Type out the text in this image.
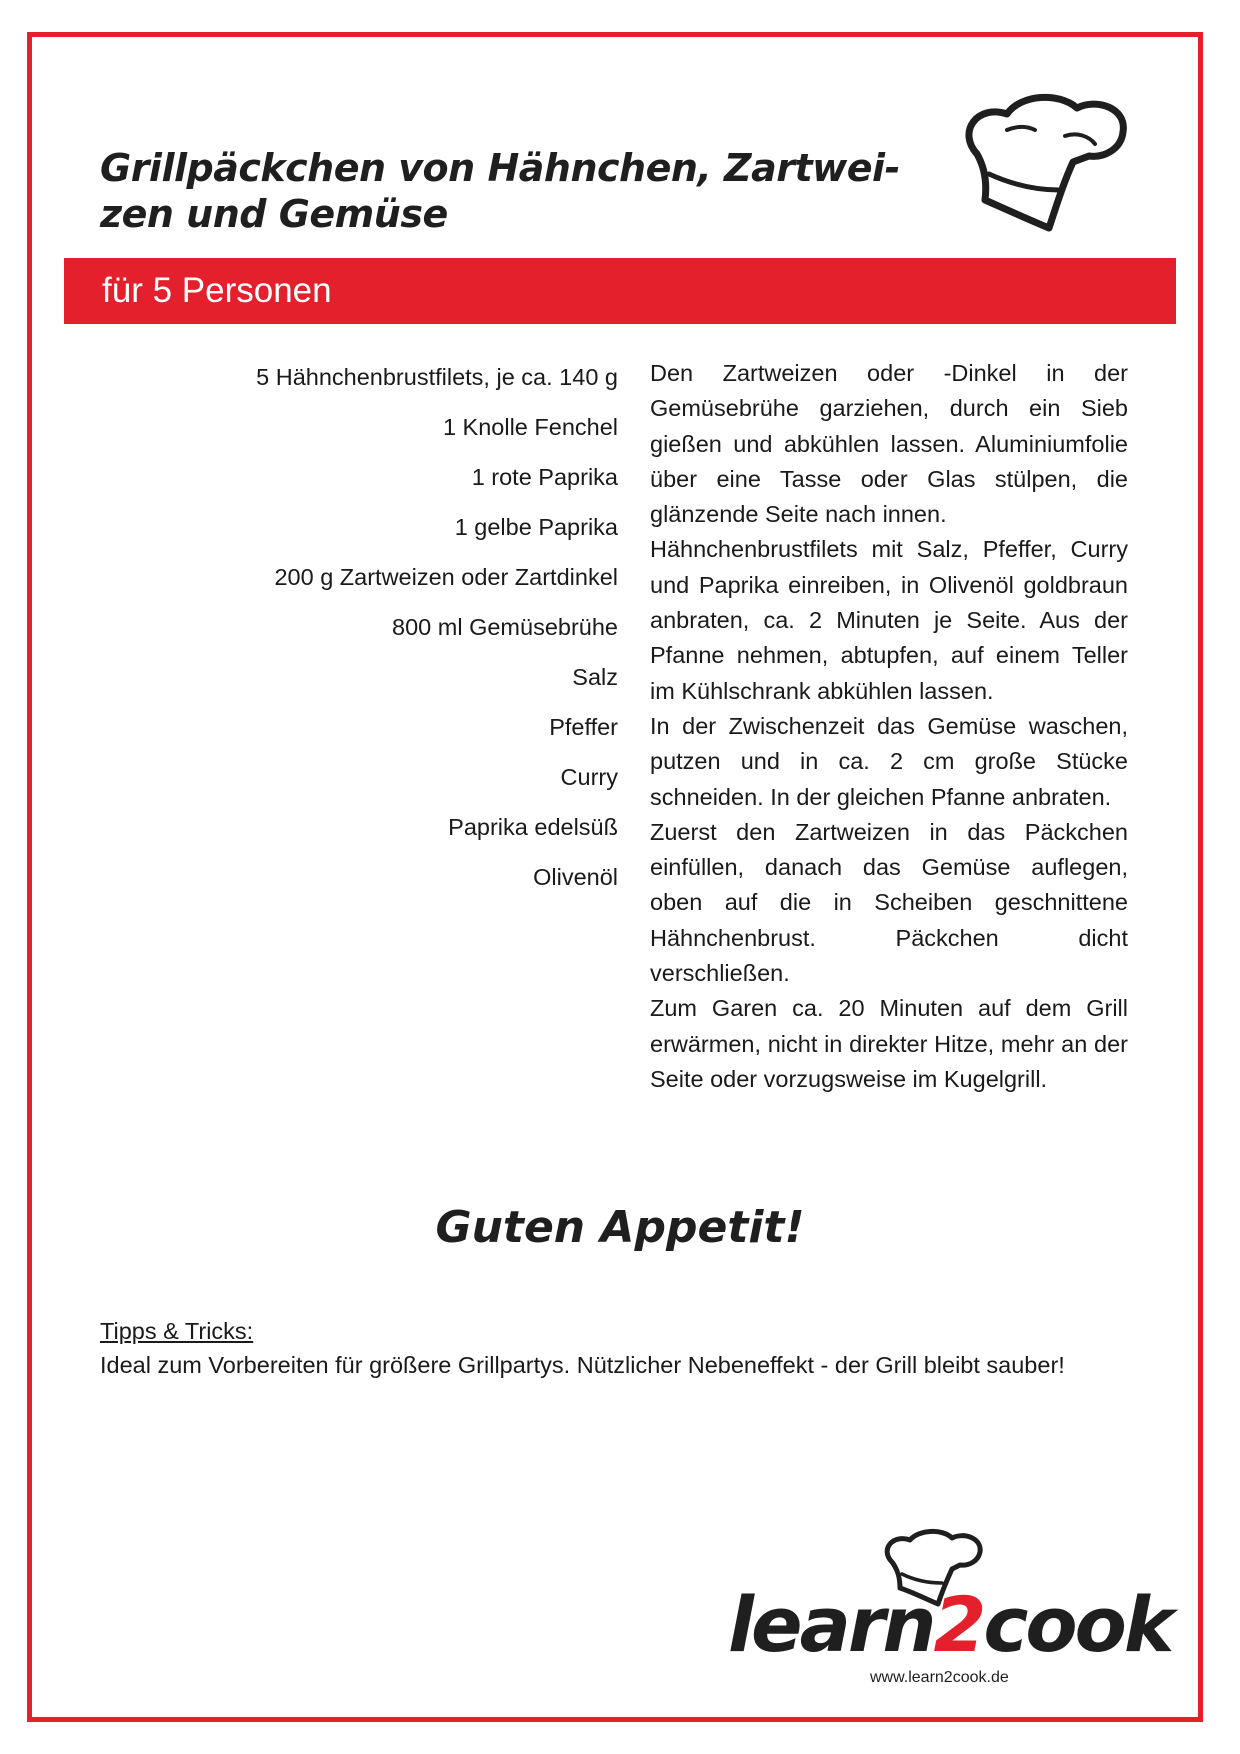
Grillpäckchen von Hähnchen, Zartwei-
zen und Gemüse
für 5 Personen
5 Hähnchenbrustfilets, je ca. 140 g
1 Knolle Fenchel
1 rote Paprika
1 gelbe Paprika
200 g Zartweizen oder Zartdinkel
800 ml Gemüsebrühe
Salz
Pfeffer
Curry
Paprika edelsüß
Olivenöl

Den Zartweizen oder -Dinkel in der Gemüsebrühe garziehen, durch ein Sieb gießen und abkühlen lassen. Aluminiumfolie über eine Tasse oder Glas stülpen, die glänzende Seite nach innen.

Hähnchenbrustfilets mit Salz, Pfeffer, Curry und Paprika einreiben, in Olivenöl goldbraun anbraten, ca. 2 Minuten je Seite. Aus der Pfanne nehmen, abtupfen, auf einem Teller im Kühlschrank abkühlen lassen.

In der Zwischenzeit das Gemüse waschen, putzen und in ca. 2 cm große Stücke schneiden. In der gleichen Pfanne anbraten.

Zuerst den Zartweizen in das Päckchen einfüllen, danach das Gemüse auflegen, oben auf die in Scheiben geschnittene Hähnchenbrust. Päckchen dicht verschließen.

Zum Garen ca. 20 Minuten auf dem Grill erwärmen, nicht in direkter Hitze, mehr an der Seite oder vorzugsweise im Kugelgrill.

Guten Appetit!
Tipps & Tricks:
Ideal zum Vorbereiten für größere Grillpartys. Nützlicher Nebeneffekt - der Grill bleibt sauber!
learn2cook
www.learn2cook.de
